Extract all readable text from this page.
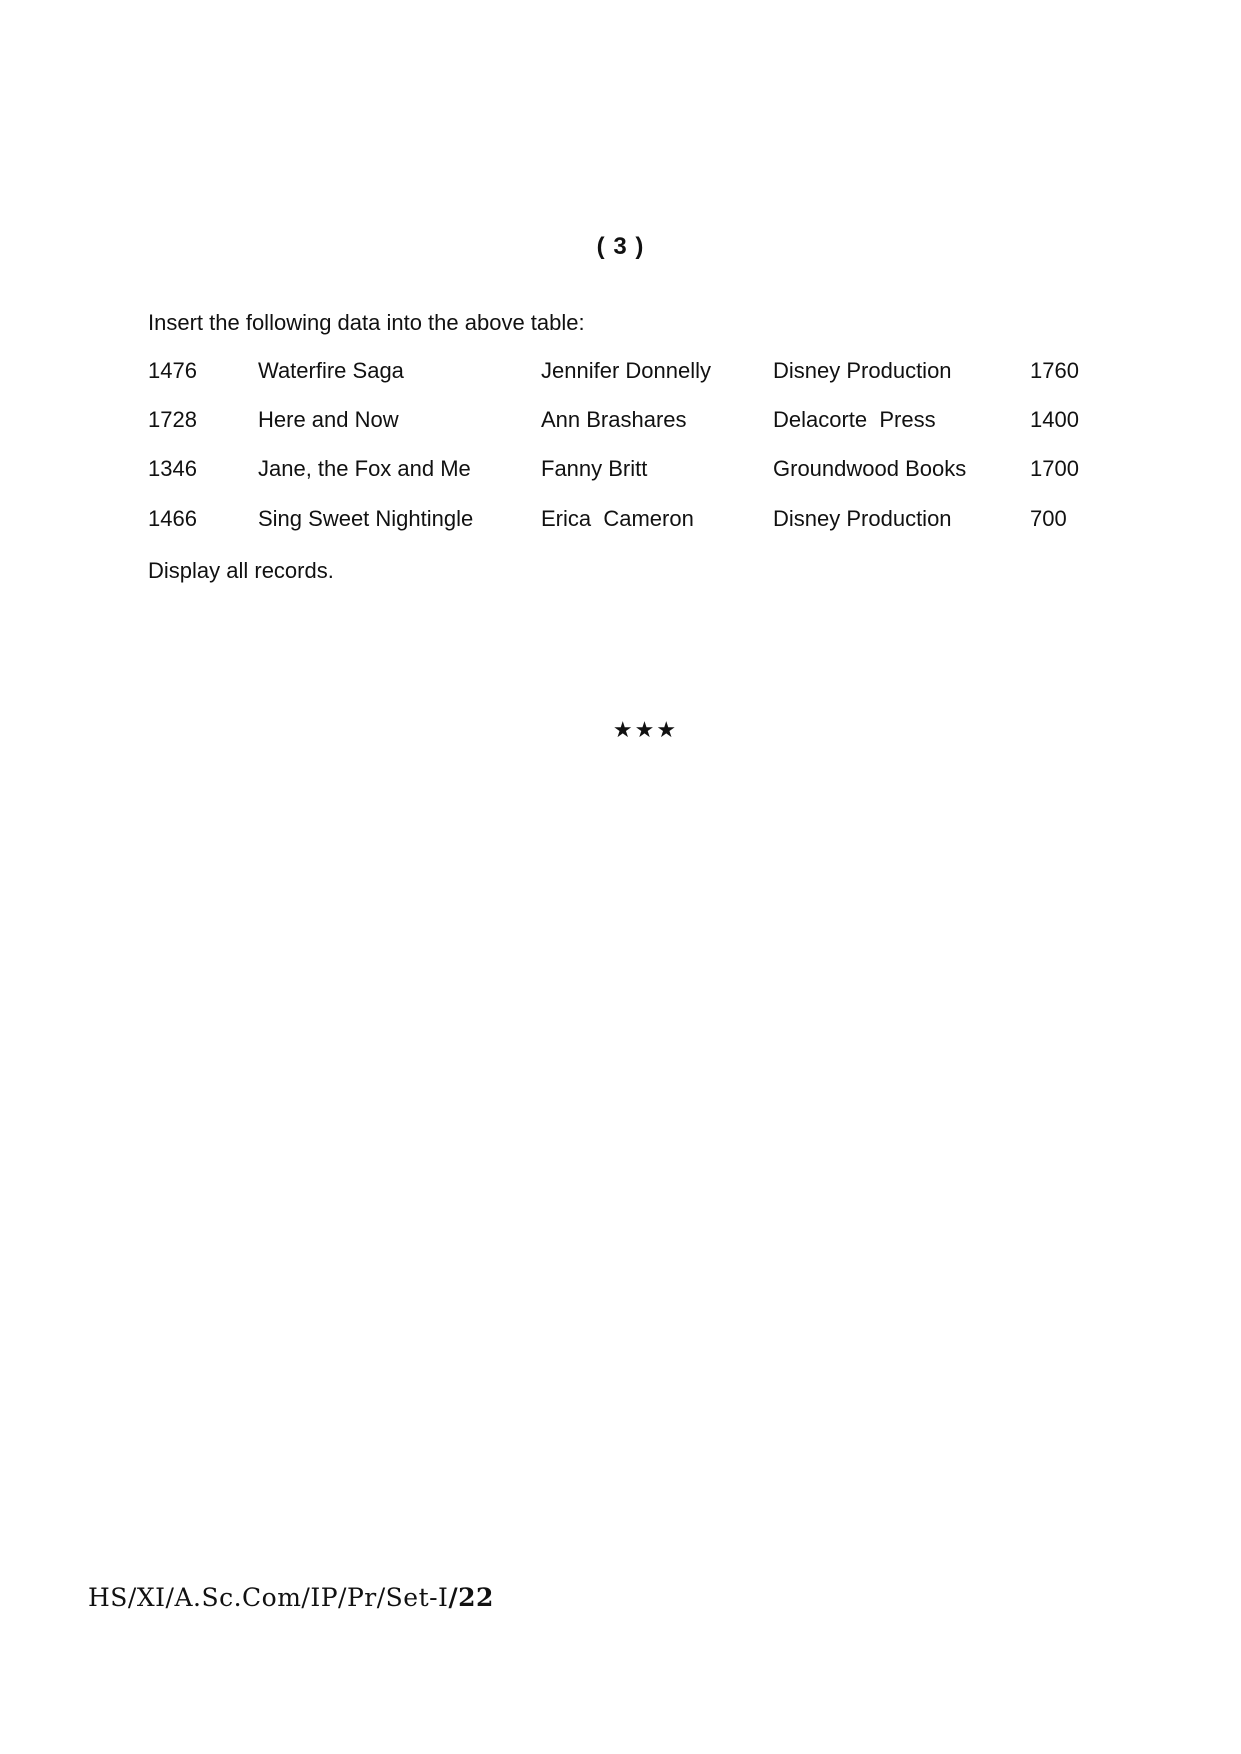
( 3 )
Insert the following data into the above table:
1476	Waterfire Saga	Jennifer Donnelly	Disney Production	1760
1728	Here and Now	Ann Brashares	Delacorte  Press	1400
1346	Jane, the Fox and Me	Fanny Britt	Groundwood Books	1700
1466	Sing Sweet Nightingle	Erica  Cameron	Disney Production	700
Display all records.
★★★
HS/XI/A.Sc.Com/IP/Pr/Set-I/22
